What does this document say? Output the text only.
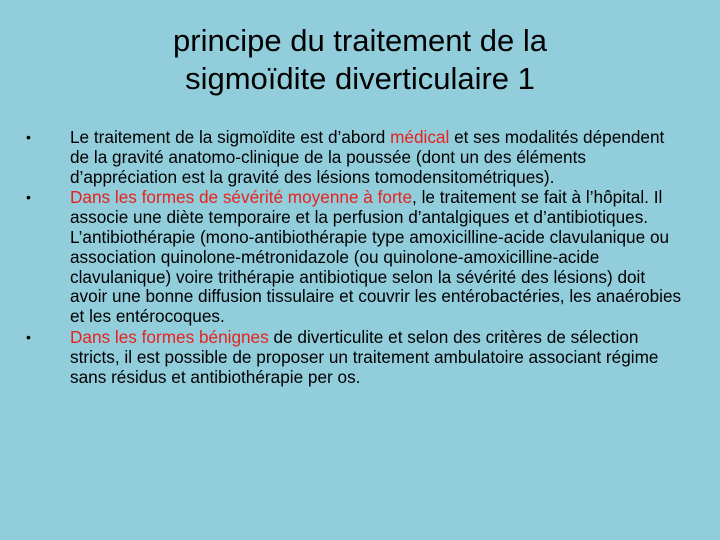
principe du traitement de la
sigmoïdite diverticulaire 1
• Le traitement de la sigmoïdite est d’abord médical et ses modalités dépendent de la gravité anatomo-clinique de la poussée (dont un des éléments d’appréciation est la gravité des lésions tomodensitométriques).
• Dans les formes de sévérité moyenne à forte, le traitement se fait à l’hôpital. Il associe une diète temporaire et la perfusion d’antalgiques et d’antibiotiques. L’antibiothérapie (mono-antibiothérapie type amoxicilline-acide clavulanique ou association quinolone-métronidazole (ou quinolone-amoxicilline-acide clavulanique) voire trithérapie antibiotique selon la sévérité des lésions) doit avoir une bonne diffusion tissulaire et couvrir les entérobactéries, les anaérobies et les entérocoques.
• Dans les formes bénignes de diverticulite et selon des critères de sélection stricts, il est possible de proposer un traitement ambulatoire associant régime sans résidus et antibiothérapie per os.
